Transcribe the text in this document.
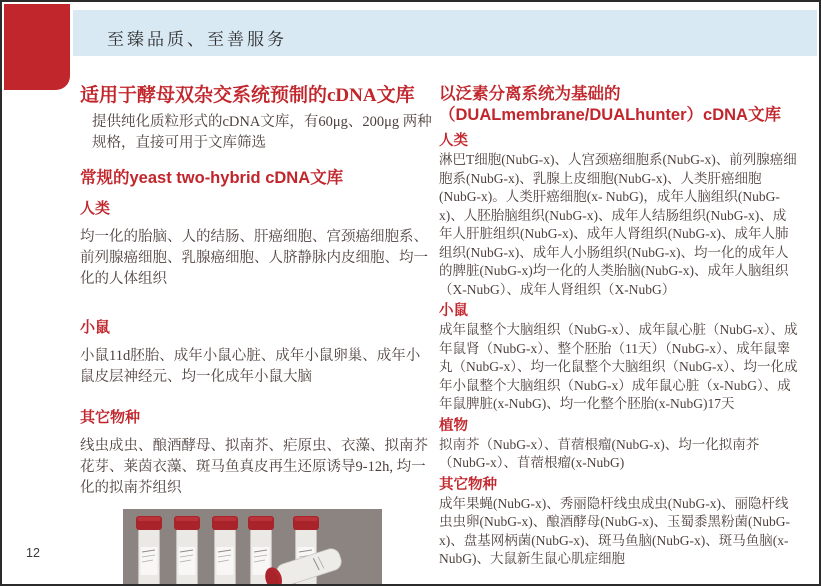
至臻品质、至善服务
适用于酵母双杂交系统预制的cDNA文库
提供纯化质粒形式的cDNA文库，有60μg、200μg 两种规格，直接可用于文库筛选
常规的yeast two-hybrid cDNA文库
人类
均一化的胎脑、人的结肠、肝癌细胞、宫颈癌细胞系、前列腺癌细胞、乳腺癌细胞、人脐静脉内皮细胞、均一化的人体组织
小鼠
小鼠11d胚胎、成年小鼠心脏、成年小鼠卵巢、成年小鼠皮层神经元、均一化成年小鼠大脑
其它物种
线虫成虫、酿酒酵母、拟南芥、疟原虫、衣藻、拟南芥花芽、莱茵衣藻、斑马鱼真皮再生还原诱导9-12h, 均一化的拟南芥组织
以泛素分离系统为基础的（DUALmembrane/DUALhunter）cDNA文库
人类
淋巴T细胞(NubG-x)、人宫颈癌细胞系(NubG-x)、前列腺癌细胞系(NubG-x)、乳腺上皮细胞(NubG-x)、人类肝癌细胞(NubG-x)。人类肝癌细胞(x- NubG)，成年人脑组织(NubG-x)、人胚胎脑组织(NubG-x)、成年人结肠组织(NubG-x)、成年人肝脏组织(NubG-x)、成年人肾组织(NubG-x)、成年人肺组织(NubG-x)、成年人小肠组织(NubG-x)、均一化的成年人的脾脏(NubG-x)均一化的人类胎脑(NubG-x)、成年人脑组织（X-NubG）、成年人肾组织（X-NubG）
小鼠
成年鼠整个大脑组织（NubG-x）、成年鼠心脏（NubG-x）、成年鼠肾（NubG-x）、整个胚胎（11天）（NubG-x）、成年鼠睾丸（NubG-x）、均一化鼠整个大脑组织（NubG-x）、均一化成年小鼠整个大脑组织（NubG-x）成年鼠心脏（x-NubG）、成年鼠脾脏(x-NubG)、均一化整个胚胎(x-NubG)17天
植物
拟南芥（NubG-x）、苜蓿根瘤(NubG-x)、均一化拟南芥（NubG-x）、苜蓿根瘤(x-NubG)
其它物种
成年果蝇(NubG-x)、秀丽隐杆线虫成虫(NubG-x)、丽隐杆线虫虫卵(NubG-x)、酿酒酵母(NubG-x)、玉蜀黍黑粉菌(NubG-x)、盘基网柄菌(NubG-x)、斑马鱼脑(NubG-x)、斑马鱼脑(x-NubG)、大鼠新生鼠心肌症细胞
12
